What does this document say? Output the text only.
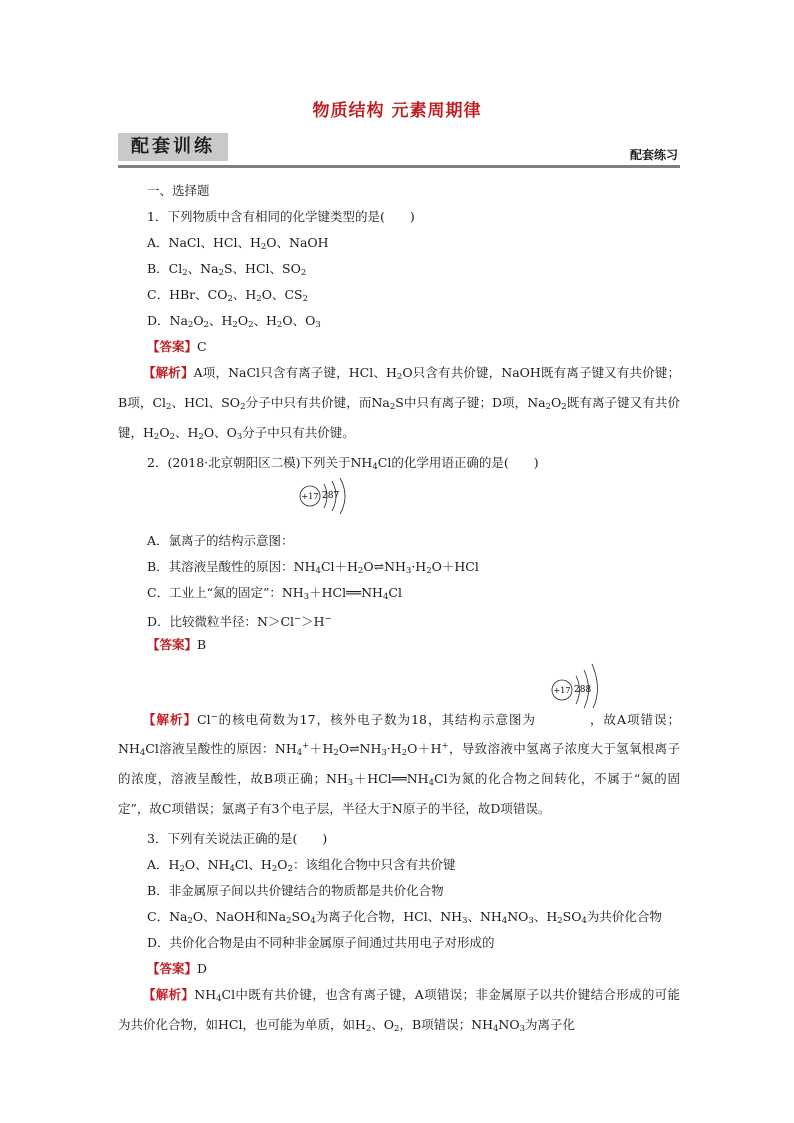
物质结构 元素周期律
配套训练	配套练习
一、选择题
1．下列物质中含有相同的化学键类型的是(　　)
A．NaCl、HCl、$H_2O$、NaOH
B．$Cl_2$、$Na_2S$、HCl、$SO_2$
C．HBr、$CO_2$、$H_2O$、$CS_2$
D．$Na_2O_2$、$H_2O_2$、$H_2O$、$O_3$
【答案】C
【解析】A项，NaCl只含有离子键，HCl、$H_2O$只含有共价键，NaOH既有离子键又有共价键；B项，$Cl_2$、HCl、$SO_2$分子中只有共价键，而$Na_2S$中只有离子键；D项，$Na_2O_2$既有离子键又有共价键，$H_2O_2$、$H_2O$、$O_3$分子中只有共价键。
2．(2018·北京朝阳区二模)下列关于$NH_4Cl$的化学用语正确的是(　　)
+17 287
A．氯离子的结构示意图：
B．其溶液呈酸性的原因：$NH_4Cl+H_2O\rightleftharpoons NH_3\cdot H_2O+HCl$
C．工业上“氮的固定”：$NH_3+HCl══NH_4Cl$
D．比较微粒半径：N＞Cl−＞H−
【答案】B
+17 288
【解析】Cl−的核电荷数为17，核外电子数为18，其结构示意图为　　　　，故A项错误；$NH_4Cl$溶液呈酸性的原因：$NH_4^++H_2O\rightleftharpoons NH_3\cdot H_2O+H^+$，导致溶液中氢离子浓度大于氢氧根离子的浓度，溶液呈酸性，故B项正确；$NH_3+HCl══NH_4Cl$为氮的化合物之间转化，不属于“氮的固定”，故C项错误；氯离子有3个电子层，半径大于N原子的半径，故D项错误。
3．下列有关说法正确的是(　　)
A．$H_2O$、$NH_4Cl$、$H_2O_2$：该组化合物中只含有共价键
B．非金属原子间以共价键结合的物质都是共价化合物
C．$Na_2O$、NaOH和$Na_2SO_4$为离子化合物，HCl、$NH_3$、$NH_4NO_3$、$H_2SO_4$为共价化合物
D．共价化合物是由不同种非金属原子间通过共用电子对形成的
【答案】D
【解析】$NH_4Cl$中既有共价键，也含有离子键，A项错误；非金属原子以共价键结合形成的可能为共价化合物，如HCl，也可能为单质，如$H_2$、$O_2$，B项错误；$NH_4NO_3$为离子化
